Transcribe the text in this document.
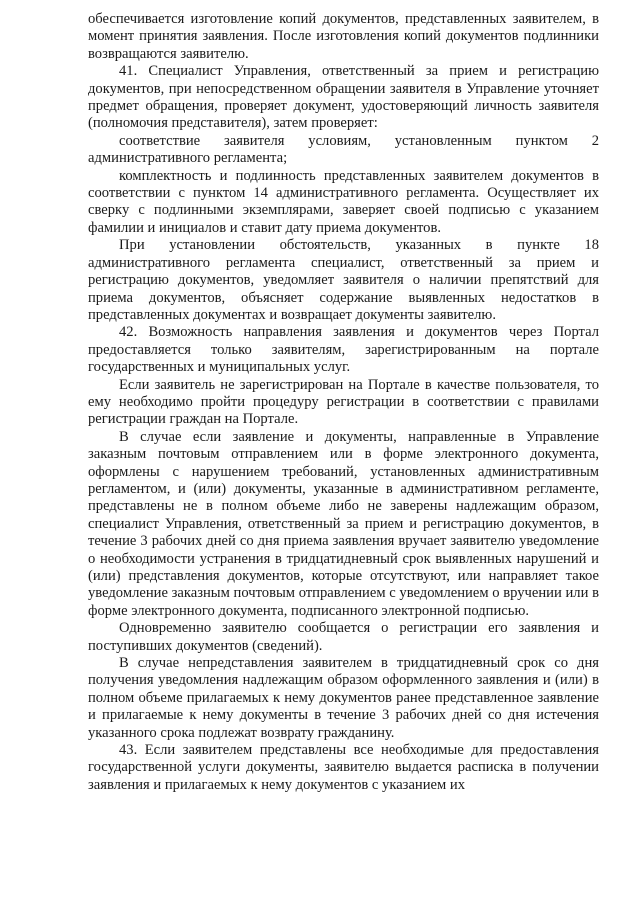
обеспечивается изготовление копий документов, представленных заявителем, в момент принятия заявления. После изготовления копий документов подлинники возвращаются заявителю.

41. Специалист Управления, ответственный за прием и регистрацию документов, при непосредственном обращении заявителя в Управление уточняет предмет обращения, проверяет документ, удостоверяющий личность заявителя (полномочия представителя), затем проверяет:

соответствие заявителя условиям, установленным пунктом 2 административного регламента;

комплектность и подлинность представленных заявителем документов в соответствии с пунктом 14 административного регламента. Осуществляет их сверку с подлинными экземплярами, заверяет своей подписью с указанием фамилии и инициалов и ставит дату приема документов.

При установлении обстоятельств, указанных в пункте 18 административного регламента специалист, ответственный за прием и регистрацию документов, уведомляет заявителя о наличии препятствий для приема документов, объясняет содержание выявленных недостатков в представленных документах и возвращает документы заявителю.

42. Возможность направления заявления и документов через Портал предоставляется только заявителям, зарегистрированным на портале государственных и муниципальных услуг.

Если заявитель не зарегистрирован на Портале в качестве пользователя, то ему необходимо пройти процедуру регистрации в соответствии с правилами регистрации граждан на Портале.

В случае если заявление и документы, направленные в Управление заказным почтовым отправлением или в форме электронного документа, оформлены с нарушением требований, установленных административным регламентом, и (или) документы, указанные в административном регламенте, представлены не в полном объеме либо не заверены надлежащим образом, специалист Управления, ответственный за прием и регистрацию документов, в течение 3 рабочих дней со дня приема заявления вручает заявителю уведомление о необходимости устранения в тридцатидневный срок выявленных нарушений и (или) представления документов, которые отсутствуют, или направляет такое уведомление заказным почтовым отправлением с уведомлением о вручении или в форме электронного документа, подписанного электронной подписью.

Одновременно заявителю сообщается о регистрации его заявления и поступивших документов (сведений).

В случае непредставления заявителем в тридцатидневный срок со дня получения уведомления надлежащим образом оформленного заявления и (или) в полном объеме прилагаемых к нему документов ранее представленное заявление и прилагаемые к нему документы в течение 3 рабочих дней со дня истечения указанного срока подлежат возврату гражданину.

43. Если заявителем представлены все необходимые для предоставления государственной услуги документы, заявителю выдается расписка в получении заявления и прилагаемых к нему документов с указанием их
